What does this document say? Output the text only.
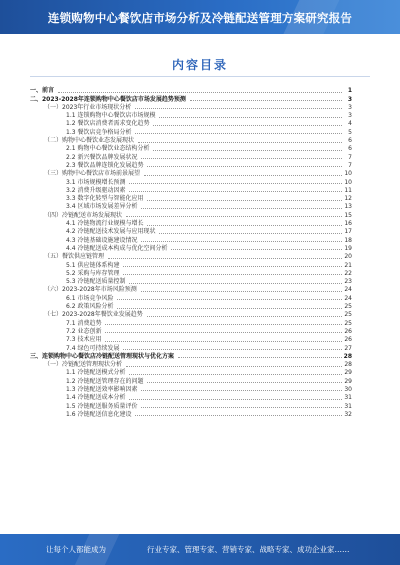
连锁购物中心餐饮店市场分析及冷链配送管理方案研究报告
内容目录
一、前言	1
二、2023-2028年连锁购物中心餐饮店市场发展趋势预测	3
（一）2023年行业市场现状分析	3
1.1 连锁购物中心餐饮店市场规模	3
1.2 餐饮店消费者需求变化趋势	4
1.3 餐饮店竞争格局分析	5
（二）购物中心餐饮业态发展现状	6
2.1 购物中心餐饮业态结构分析	6
2.2 新兴餐饮品牌发展状况	7
2.3 餐饮品牌连锁化发展趋势	7
（三）购物中心餐饮店市场前景展望	10
3.1 市场规模增长预测	10
3.2 消费升级驱动因素	11
3.3 数字化转型与智能化应用	12
3.4 区域市场发展差异分析	13
（四）冷链配送市场发展现状	15
4.1 冷链物流行业规模与增长	16
4.2 冷链配送技术发展与应用现状	17
4.3 冷链基础设施建设情况	18
4.4 冷链配送成本构成与优化空间分析	19
（五）餐饮供应链管理	20
5.1 供应链体系构建	21
5.2 采购与库存管理	22
5.3 冷链配送质量控制	23
（六）2023-2028年市场风险预测	24
6.1 市场竞争风险	24
6.2 政策风险分析	25
（七）2023-2028年餐饮业发展趋势	25
7.1 消费趋势	25
7.2 业态创新	26
7.3 技术应用	26
7.4 绿色可持续发展	27
三、连锁购物中心餐饮店冷链配送管理现状与优化方案	28
（一）冷链配送管理现状分析	28
1.1 冷链配送模式分析	29
1.2 冷链配送管理存在的问题	29
1.3 冷链配送效率影响因素	30
1.4 冷链配送成本分析	31
1.5 冷链配送服务质量评价	31
1.6 冷链配送信息化建设	32
让每个人都能成为	行业专家、管理专家、营销专家、战略专家、成功企业家……
